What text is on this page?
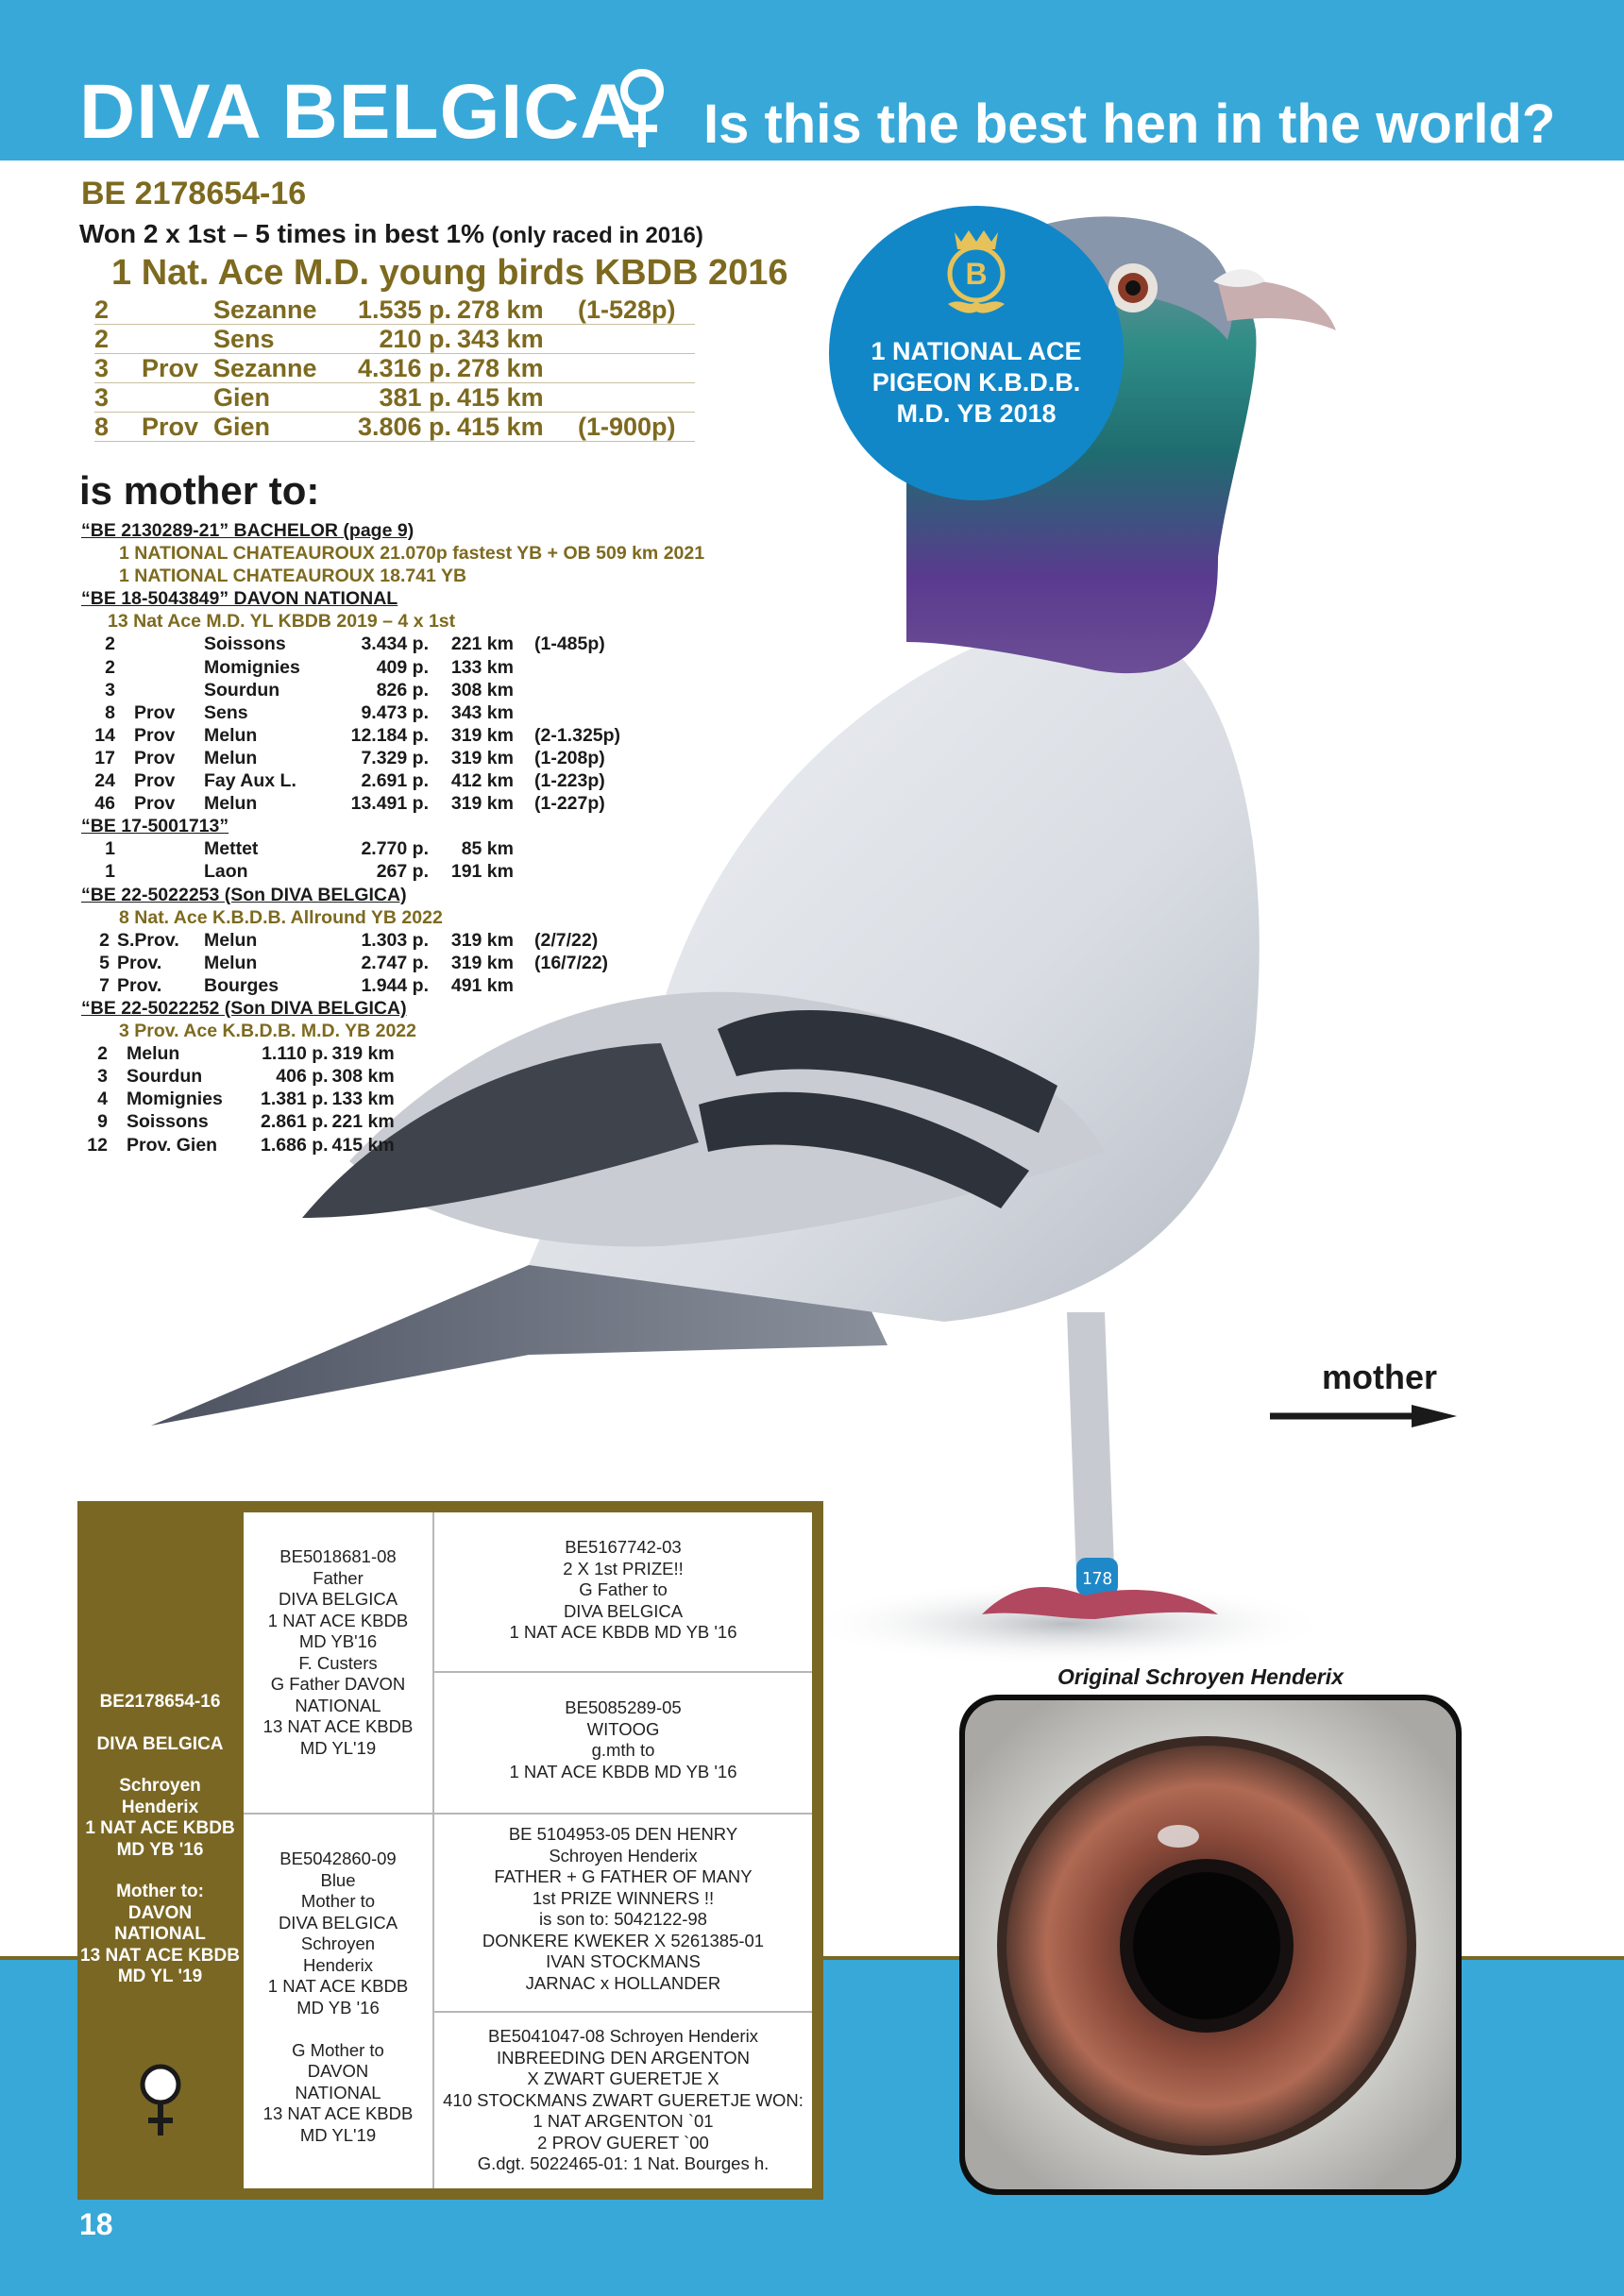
DIVA BELGICA Is this the best hen in the world?
18
178
BE 2178654-16
Won 2 x 1st – 5 times in best 1% (only raced in 2016)
1 Nat. Ace M.D. young birds KBDB 2016
2		Sezanne	1.535 p.	278 km	(1-528p)
2		Sens	210 p.	343 km	
3	Prov	Sezanne	4.316 p.	278 km	
3		Gien	381 p.	415 km	
8	Prov	Gien	3.806 p.	415 km	(1-900p)
is mother to:
“BE 2130289-21” BACHELOR (page 9)
1 NATIONAL CHATEAUROUX 21.070p fastest YB + OB 509 km 2021
1 NATIONAL CHATEAUROUX 18.741 YB
“BE 18-5043849” DAVON NATIONAL
13 Nat Ace M.D. YL KBDB 2019 – 4 x 1st
2		Soissons	3.434 p.	221 km	(1-485p)
2		Momignies	409 p.	133 km	
3		Sourdun	826 p.	308 km	
8	Prov	Sens	9.473 p.	343 km	
14	Prov	Melun	12.184 p.	319 km	(2-1.325p)
17	Prov	Melun	7.329 p.	319 km	(1-208p)
24	Prov	Fay Aux L.	2.691 p.	412 km	(1-223p)
46	Prov	Melun	13.491 p.	319 km	(1-227p)
“BE 17-5001713”
1		Mettet	2.770 p.	85 km	
1		Laon	267 p.	191 km	
“BE 22-5022253 (Son DIVA BELGICA)
8 Nat. Ace K.B.D.B. Allround YB 2022
2	S.Prov.	Melun	1.303 p.	319 km	(2/7/22)
5	Prov.	Melun	2.747 p.	319 km	(16/7/22)
7	Prov.	Bourges	1.944 p.	491 km	
“BE 22-5022252 (Son DIVA BELGICA)
3 Prov. Ace K.B.D.B. M.D. YB 2022
2	Melun	1.110 p.	319 km
3	Sourdun	406 p.	308 km
4	Momignies	1.381 p.	133 km
9	Soissons	2.861 p.	221 km
12	Prov. Gien	1.686 p.	415 km
B
1 NATIONAL ACE
PIGEON K.B.D.B.
M.D. YB 2018
mother
Original Schroyen Henderix
BE2178654-16
DIVA BELGICA
Schroyen
Henderix
1 NAT ACE KBDB
MD YB '16
Mother to:
DAVON
NATIONAL
13 NAT ACE KBDB
MD YL '19
BE5018681-08
Father
DIVA BELGICA
1 NAT ACE KBDB
MD YB'16
F. Custers
G Father DAVON
NATIONAL
13 NAT ACE KBDB
MD YL'19
BE5042860-09
Blue
Mother to
DIVA BELGICA
Schroyen
Henderix
1 NAT ACE KBDB
MD YB '16
G Mother to
DAVON
NATIONAL
13 NAT ACE KBDB
MD YL'19
BE5167742-03
2 X 1st PRIZE!!
G Father to
DIVA BELGICA
1 NAT ACE KBDB MD YB '16
BE5085289-05
WITOOG
g.mth to
1 NAT ACE KBDB MD YB '16
BE 5104953-05 DEN HENRY
Schroyen Henderix
FATHER + G FATHER OF MANY
1st PRIZE WINNERS !!
is son to: 5042122-98
DONKERE KWEKER X 5261385-01
IVAN STOCKMANS
JARNAC x HOLLANDER
BE5041047-08 Schroyen Henderix
INBREEDING DEN ARGENTON
X ZWART GUERETJE X
410 STOCKMANS ZWART GUERETJE WON:
1 NAT ARGENTON `01
2 PROV GUERET `00
G.dgt. 5022465-01: 1 Nat. Bourges h.
